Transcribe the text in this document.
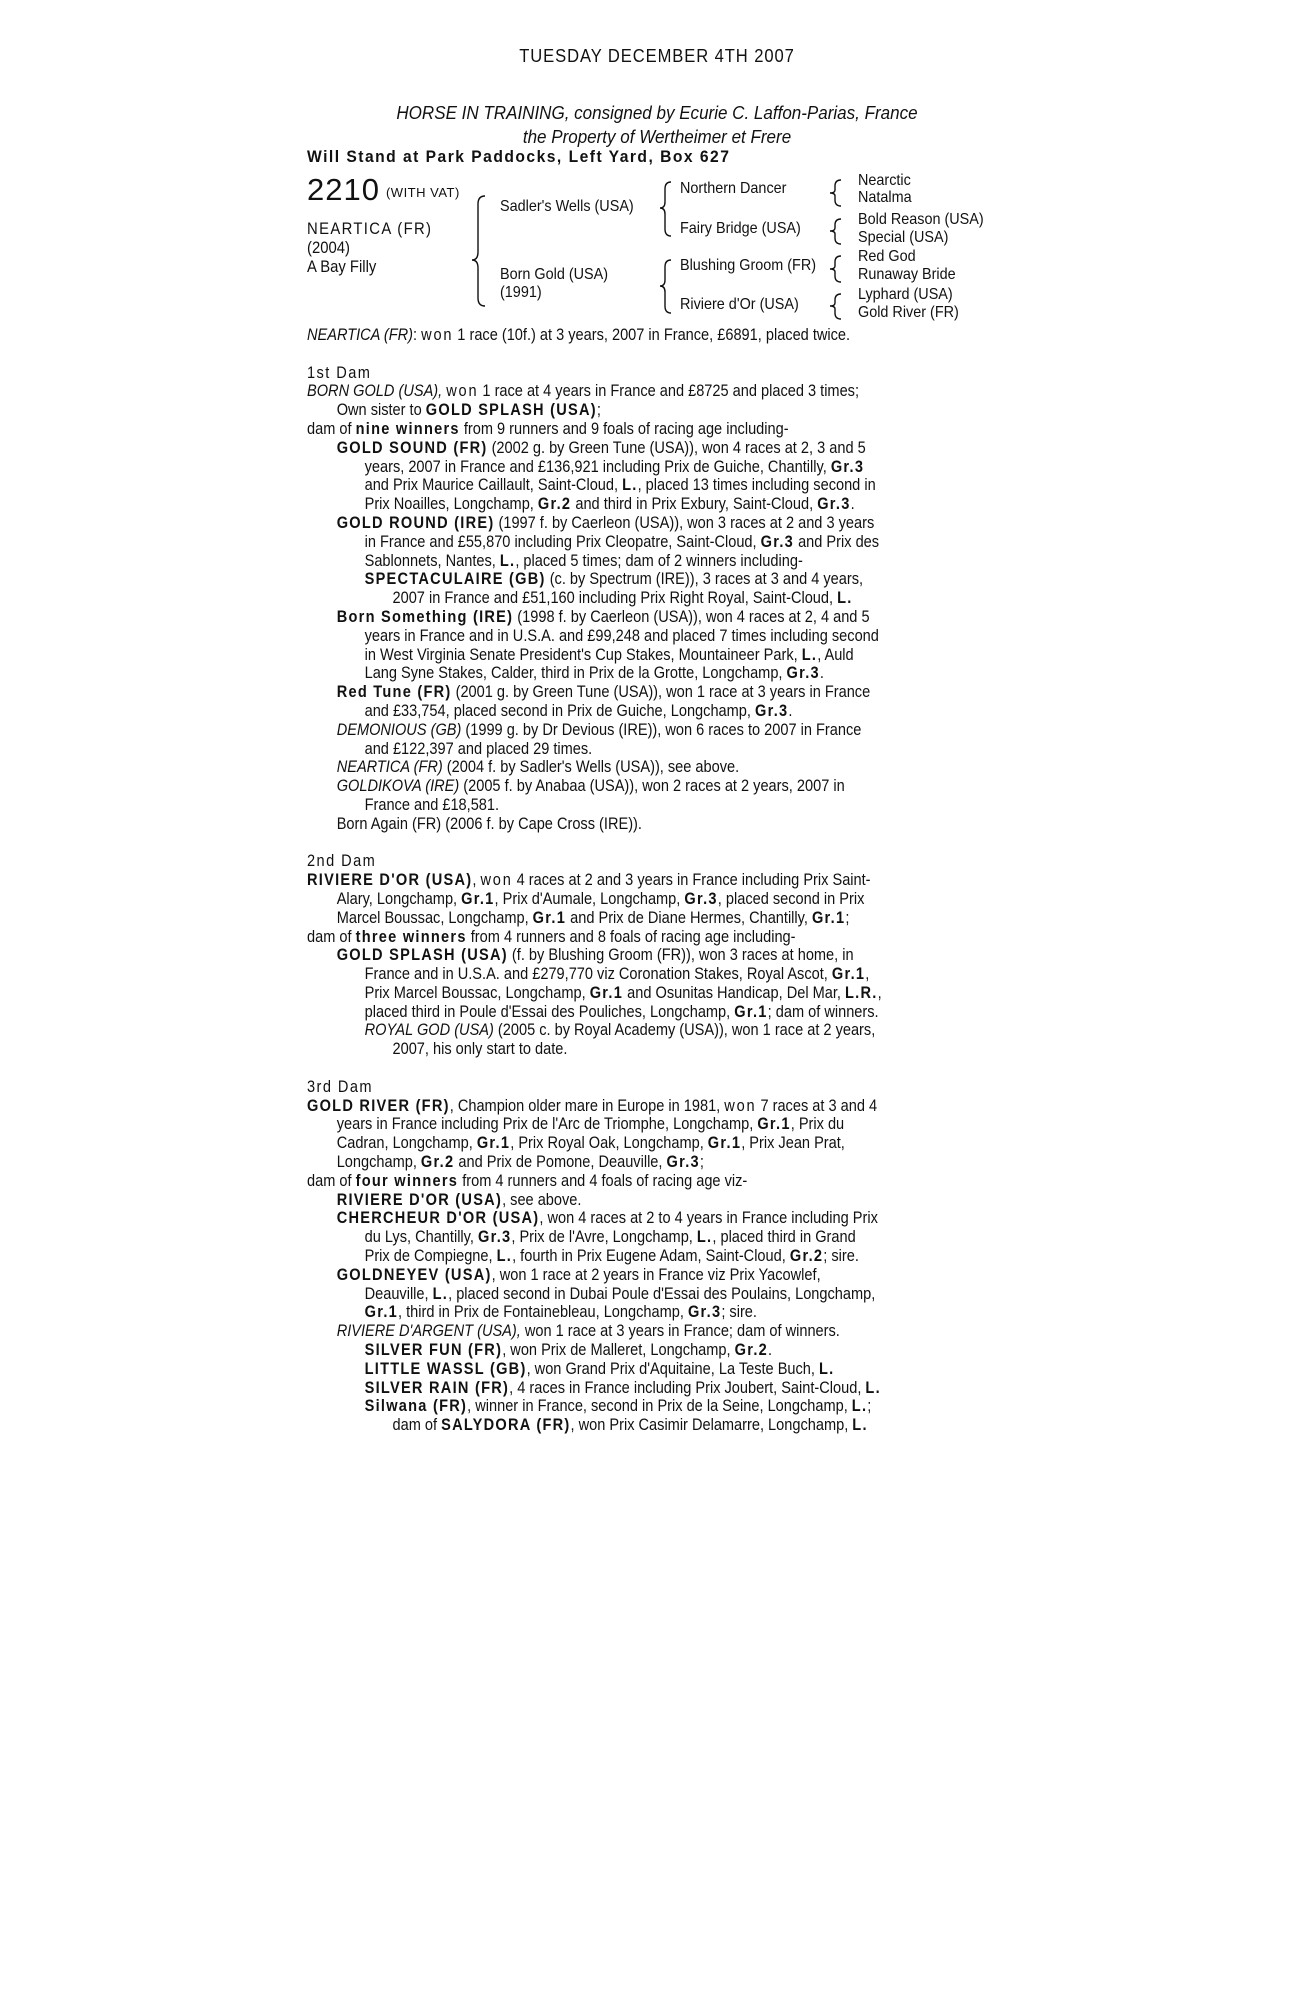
TUESDAY DECEMBER 4TH 2007
HORSE IN TRAINING, consigned by Ecurie C. Laffon-Parias, France
the Property of Wertheimer et Frere
Will Stand at Park Paddocks, Left Yard, Box 627
2210 (WITH VAT)
NEARTICA (FR)
(2004)
A Bay Filly
Sadler's Wells (USA)
Born Gold (USA)
(1991)
Northern Dancer
Fairy Bridge (USA)
Blushing Groom (FR)
Riviere d'Or (USA)
Nearctic
Natalma
Bold Reason (USA)
Special (USA)
Red God
Runaway Bride
Lyphard (USA)
Gold River (FR)

NEARTICA (FR): won 1 race (10f.) at 3 years, 2007 in France, £6891, placed twice.

1st Dam

BORN GOLD (USA), won 1 race at 4 years in France and £8725 and placed 3 times;

Own sister to GOLD SPLASH (USA);

dam of nine winners from 9 runners and 9 foals of racing age including-

GOLD SOUND (FR) (2002 g. by Green Tune (USA)), won 4 races at 2, 3 and 5

years, 2007 in France and £136,921 including Prix de Guiche, Chantilly, Gr.3

and Prix Maurice Caillault, Saint-Cloud, L., placed 13 times including second in

Prix Noailles, Longchamp, Gr.2 and third in Prix Exbury, Saint-Cloud, Gr.3.

GOLD ROUND (IRE) (1997 f. by Caerleon (USA)), won 3 races at 2 and 3 years

in France and £55,870 including Prix Cleopatre, Saint-Cloud, Gr.3 and Prix des

Sablonnets, Nantes, L., placed 5 times; dam of 2 winners including-

SPECTACULAIRE (GB) (c. by Spectrum (IRE)), 3 races at 3 and 4 years,

2007 in France and £51,160 including Prix Right Royal, Saint-Cloud, L.

Born Something (IRE) (1998 f. by Caerleon (USA)), won 4 races at 2, 4 and 5

years in France and in U.S.A. and £99,248 and placed 7 times including second

in West Virginia Senate President's Cup Stakes, Mountaineer Park, L., Auld

Lang Syne Stakes, Calder, third in Prix de la Grotte, Longchamp, Gr.3.

Red Tune (FR) (2001 g. by Green Tune (USA)), won 1 race at 3 years in France

and £33,754, placed second in Prix de Guiche, Longchamp, Gr.3.

DEMONIOUS (GB) (1999 g. by Dr Devious (IRE)), won 6 races to 2007 in France

and £122,397 and placed 29 times.

NEARTICA (FR) (2004 f. by Sadler's Wells (USA)), see above.

GOLDIKOVA (IRE) (2005 f. by Anabaa (USA)), won 2 races at 2 years, 2007 in

France and £18,581.

Born Again (FR) (2006 f. by Cape Cross (IRE)).

2nd Dam

RIVIERE D'OR (USA), won 4 races at 2 and 3 years in France including Prix Saint-

Alary, Longchamp, Gr.1, Prix d'Aumale, Longchamp, Gr.3, placed second in Prix

Marcel Boussac, Longchamp, Gr.1 and Prix de Diane Hermes, Chantilly, Gr.1;

dam of three winners from 4 runners and 8 foals of racing age including-

GOLD SPLASH (USA) (f. by Blushing Groom (FR)), won 3 races at home, in

France and in U.S.A. and £279,770 viz Coronation Stakes, Royal Ascot, Gr.1,

Prix Marcel Boussac, Longchamp, Gr.1 and Osunitas Handicap, Del Mar, L.R.,

placed third in Poule d'Essai des Pouliches, Longchamp, Gr.1; dam of winners.

ROYAL GOD (USA) (2005 c. by Royal Academy (USA)), won 1 race at 2 years,

2007, his only start to date.

3rd Dam

GOLD RIVER (FR), Champion older mare in Europe in 1981, won 7 races at 3 and 4

years in France including Prix de l'Arc de Triomphe, Longchamp, Gr.1, Prix du

Cadran, Longchamp, Gr.1, Prix Royal Oak, Longchamp, Gr.1, Prix Jean Prat,

Longchamp, Gr.2 and Prix de Pomone, Deauville, Gr.3;

dam of four winners from 4 runners and 4 foals of racing age viz-

RIVIERE D'OR (USA), see above.

CHERCHEUR D'OR (USA), won 4 races at 2 to 4 years in France including Prix

du Lys, Chantilly, Gr.3, Prix de l'Avre, Longchamp, L., placed third in Grand

Prix de Compiegne, L., fourth in Prix Eugene Adam, Saint-Cloud, Gr.2; sire.

GOLDNEYEV (USA), won 1 race at 2 years in France viz Prix Yacowlef,

Deauville, L., placed second in Dubai Poule d'Essai des Poulains, Longchamp,

Gr.1, third in Prix de Fontainebleau, Longchamp, Gr.3; sire.

RIVIERE D'ARGENT (USA), won 1 race at 3 years in France; dam of winners.

SILVER FUN (FR), won Prix de Malleret, Longchamp, Gr.2.

LITTLE WASSL (GB), won Grand Prix d'Aquitaine, La Teste Buch, L.

SILVER RAIN (FR), 4 races in France including Prix Joubert, Saint-Cloud, L.

Silwana (FR), winner in France, second in Prix de la Seine, Longchamp, L.;

dam of SALYDORA (FR), won Prix Casimir Delamarre, Longchamp, L.
